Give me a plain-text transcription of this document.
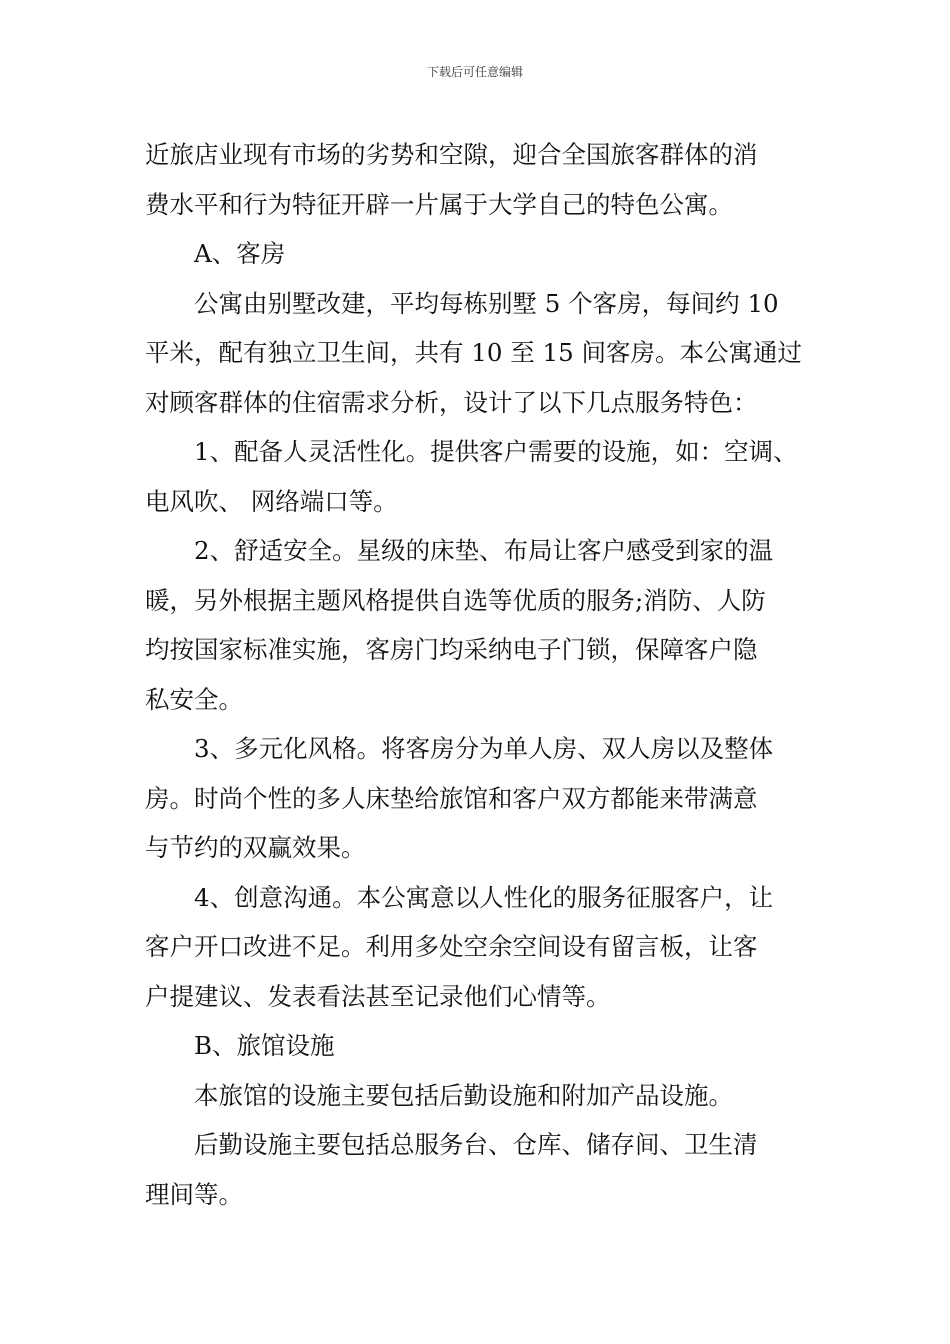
下载后可任意编辑

近旅店业现有市场的劣势和空隙，迎合全国旅客群体的消
费水平和行为特征开辟一片属于大学自己的特色公寓。

A、客房

公寓由别墅改建，平均每栋别墅 5 个客房，每间约 10
平米，配有独立卫生间，共有 10 至 15 间客房。本公寓通过
对顾客群体的住宿需求分析，设计了以下几点服务特色：

1、配备人灵活性化。提供客户需要的设施，如：空调、
电风吹、 网络端口等。

2、舒适安全。星级的床垫、布局让客户感受到家的温
暖，另外根据主题风格提供自选等优质的服务;消防、人防
均按国家标准实施，客房门均采纳电子门锁，保障客户隐
私安全。

3、多元化风格。将客房分为单人房、双人房以及整体
房。时尚个性的多人床垫给旅馆和客户双方都能来带满意
与节约的双赢效果。

4、创意沟通。本公寓意以人性化的服务征服客户，让
客户开口改进不足。利用多处空余空间设有留言板，让客
户提建议、发表看法甚至记录他们心情等。

B、旅馆设施

本旅馆的设施主要包括后勤设施和附加产品设施。

后勤设施主要包括总服务台、仓库、储存间、卫生清
理间等。
